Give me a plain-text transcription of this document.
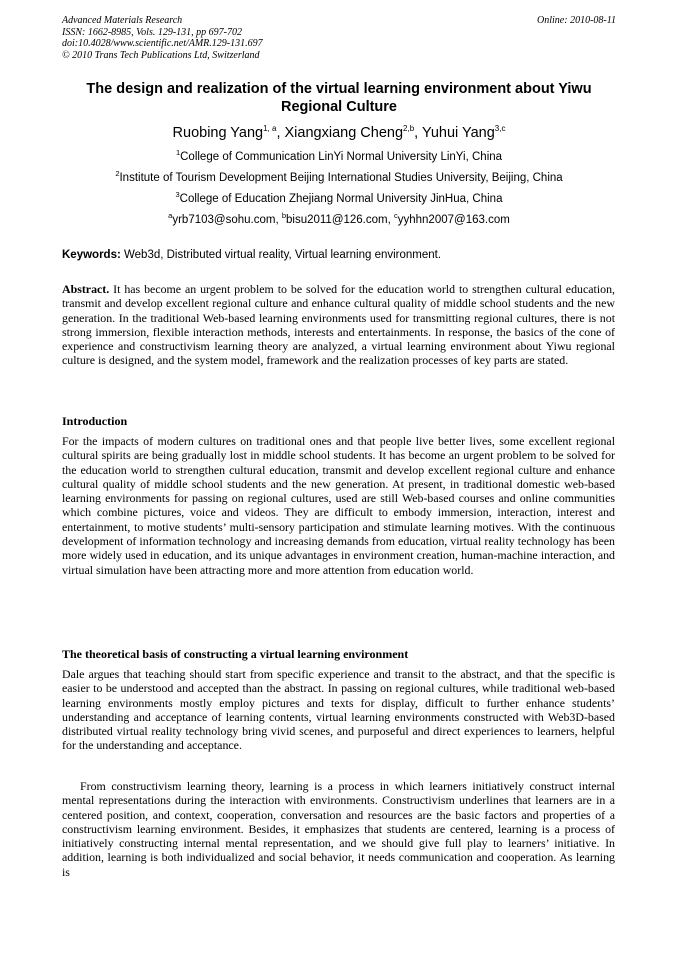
Advanced Materials Research
ISSN: 1662-8985, Vols. 129-131, pp 697-702
doi:10.4028/www.scientific.net/AMR.129-131.697
© 2010 Trans Tech Publications Ltd, Switzerland
Online: 2010-08-11
The design and realization of the virtual learning environment about Yiwu Regional Culture
Ruobing Yang$^{1, a}$, Xiangxiang Cheng$^{2,b}$, Yuhui Yang$^{3,c}$
$^1$College of Communication LinYi Normal University LinYi, China
$^2$Institute of Tourism Development Beijing International Studies University, Beijing, China
$^3$College of Education Zhejiang Normal University JinHua, China
$^a$yrb7103@sohu.com, $^b$bisu2011@126.com, $^c$yyhhn2007@163.com
Keywords: Web3d, Distributed virtual reality, Virtual learning environment.
Abstract. It has become an urgent problem to be solved for the education world to strengthen cultural education, transmit and develop excellent regional culture and enhance cultural quality of middle school students and the new generation. In the traditional Web-based learning environments used for transmitting regional cultures, there is not strong immersion, flexible interaction methods, interests and entertainments. In response, the basics of the cone of experience and constructivism learning theory are analyzed, a virtual learning environment about Yiwu regional culture is designed, and the system model, framework and the realization processes of key parts are stated.
Introduction
For the impacts of modern cultures on traditional ones and that people live better lives, some excellent regional cultural spirits are being gradually lost in middle school students. It has become an urgent problem to be solved for the education world to strengthen cultural education, transmit and develop excellent regional culture and enhance cultural quality of middle school students and the new generation. At present, in traditional domestic web-based learning environments for passing on regional cultures, used are still Web-based courses and online communities which combine pictures, voice and videos. They are difficult to embody immersion, interaction, interest and entertainment, to motive students’ multi-sensory participation and stimulate learning motives. With the continuous development of information technology and increasing demands from education, virtual reality technology has been more widely used in education, and its unique advantages in environment creation, human-machine interaction, and virtual simulation have been attracting more and more attention from education world.
The theoretical basis of constructing a virtual learning environment
Dale argues that teaching should start from specific experience and transit to the abstract, and that the specific is easier to be understood and accepted than the abstract. In passing on regional cultures, while traditional web-based learning environments mostly employ pictures and texts for display, difficult to further enhance students’ understanding and acceptance of learning contents, virtual learning environments constructed with Web3D-based distributed virtual reality technology bring vivid scenes, and purposeful and direct experiences to learners, helpful for the understanding and acceptance.
From constructivism learning theory, learning is a process in which learners initiatively construct internal mental representations during the interaction with environments. Constructivism underlines that learners are in a centered position, and context, cooperation, conversation and resources are the basic factors and properties of a constructivism learning environment. Besides, it emphasizes that students are centered, learning is a process of initiatively constructing internal mental representation, and we should give full play to learners’ initiative. In addition, learning is both individualized and social behavior, it needs communication and cooperation. As learning is
